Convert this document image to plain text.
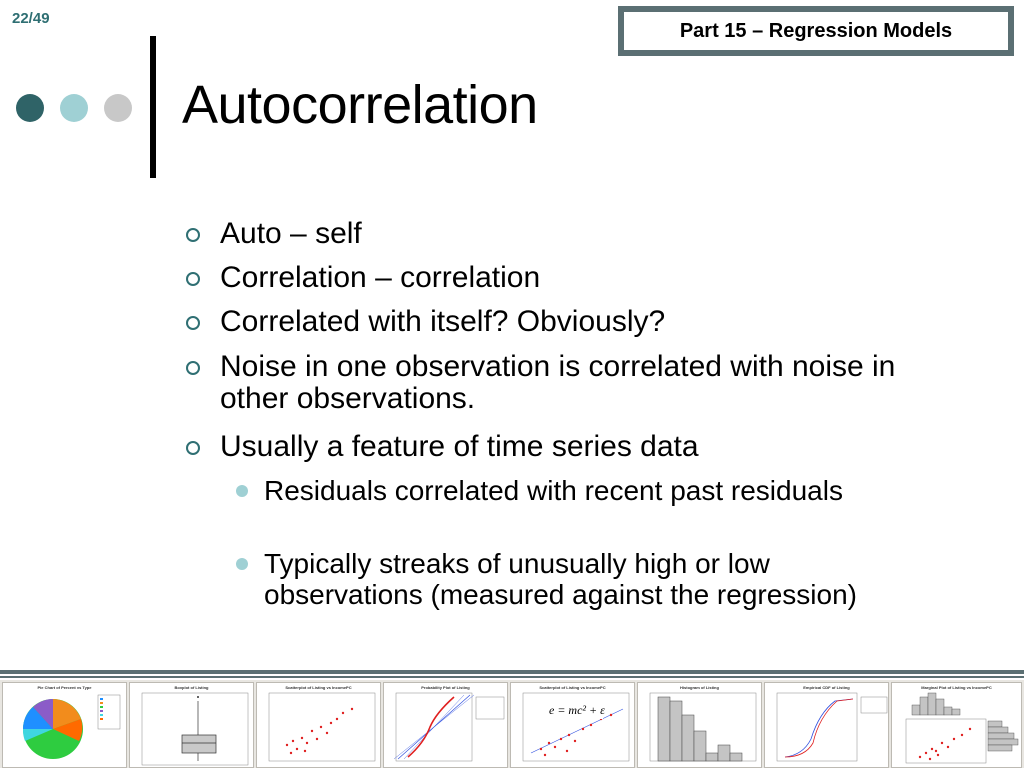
22/49
Part 15 – Regression Models
Autocorrelation
Auto – self
Correlation – correlation
Correlated with itself? Obviously?
Noise in one observation is correlated with noise in other observations.
Usually a feature of time series data
Residuals correlated with recent past residuals
Typically streaks of unusually high or low observations (measured against the regression)
Pie Chart of Percent vs Type	Boxplot of Listing	Scatterplot of Listing vs IncomePC	Probability Plot of Listing	Scatterplot of Listing vs IncomePC
e = mc² + ε
Histogram of Listing	Empirical CDF of Listing	Marginal Plot of Listing vs IncomePC
